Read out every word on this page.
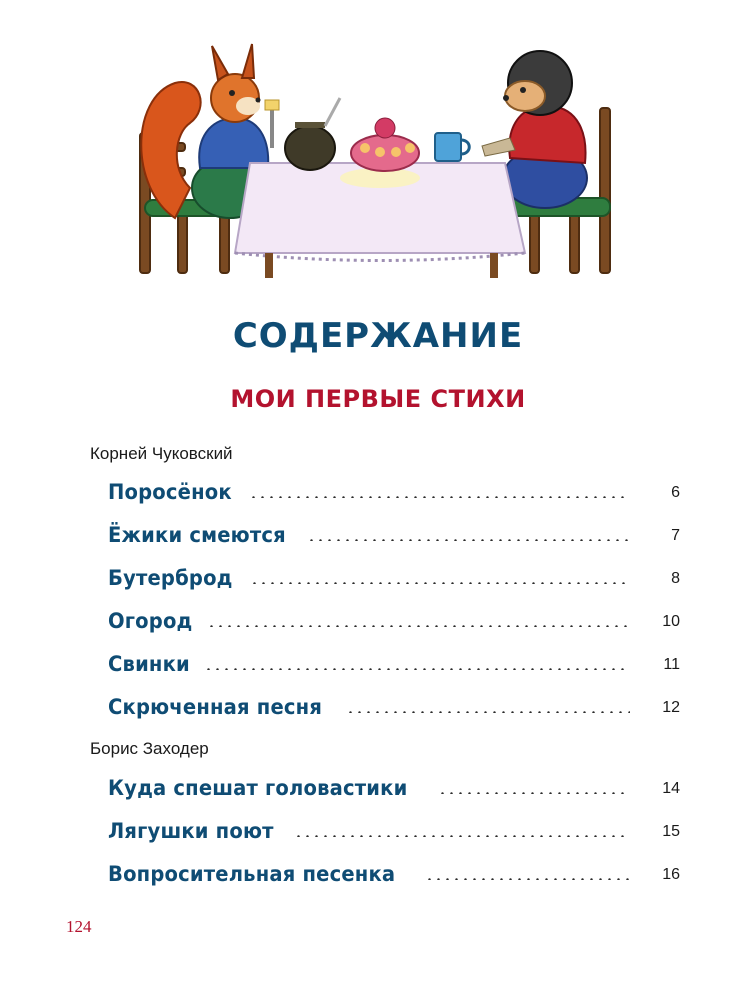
СОДЕРЖАНИЕ
МОИ ПЕРВЫЕ СТИХИ
Корней Чуковский
Поросёнок	6
Ёжики смеются	7
Бутерброд	8
Огород	10
Свинки	11
Скрюченная песня	12
Борис Заходер
Куда спешат головастики	14
Лягушки поют	15
Вопросительная песенка	16
124
